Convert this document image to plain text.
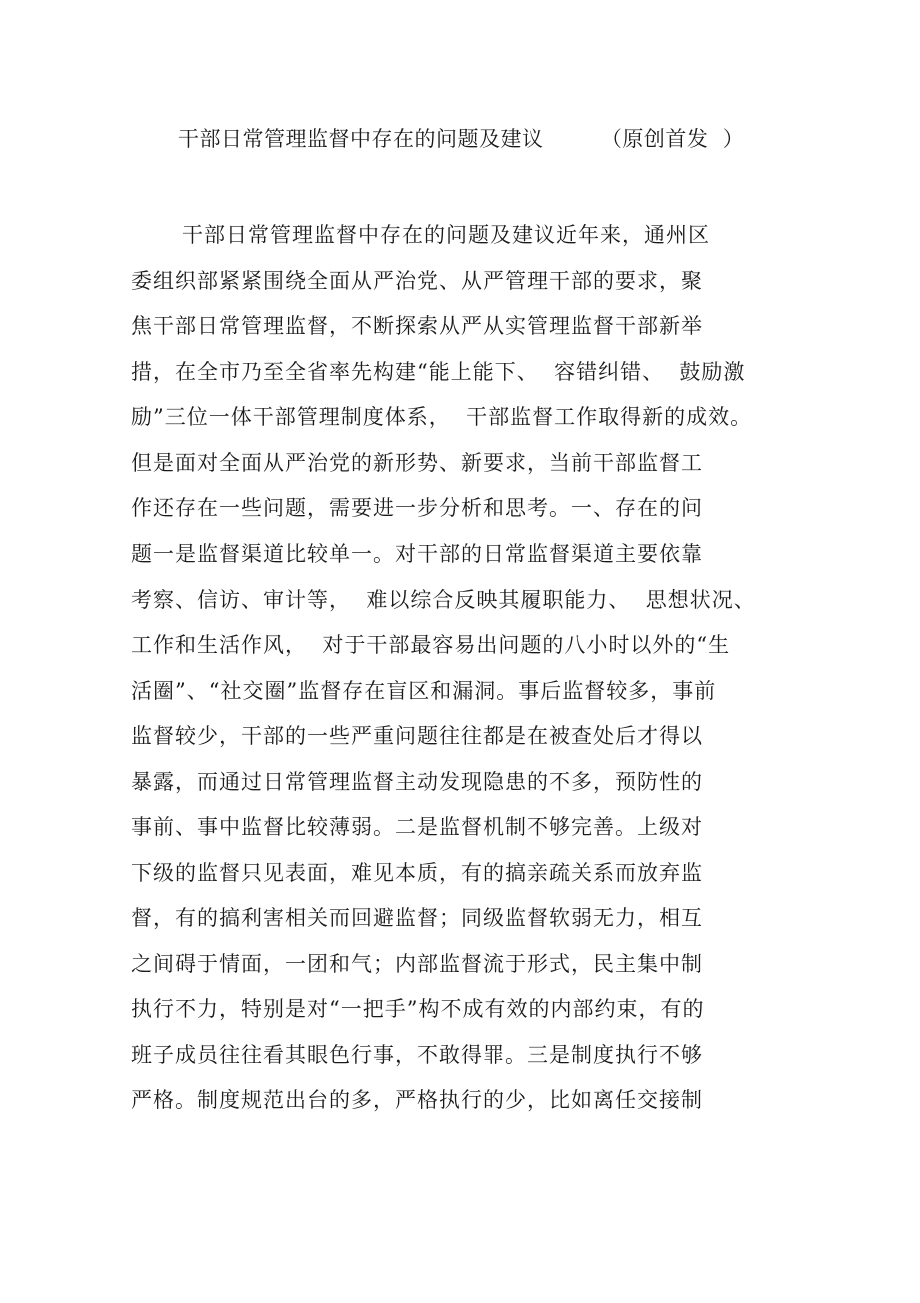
干部日常管理监督中存在的问题及建议        （原创首发  ）
干部日常管理监督中存在的问题及建议近年来，通州区
委组织部紧紧围绕全面从严治党、从严管理干部的要求，聚
焦干部日常管理监督，不断探索从严从实管理监督干部新举
措，在全市乃至全省率先构建“能上能下、  容错纠错、  鼓励激
励”三位一体干部管理制度体系，  干部监督工作取得新的成效。
但是面对全面从严治党的新形势、新要求，当前干部监督工
作还存在一些问题，需要进一步分析和思考。一、存在的问
题一是监督渠道比较单一。对干部的日常监督渠道主要依靠
考察、信访、审计等，  难以综合反映其履职能力、  思想状况、
工作和生活作风，  对于干部最容易出问题的八小时以外的“生
活圈”、“社交圈”监督存在盲区和漏洞。事后监督较多，事前
监督较少，干部的一些严重问题往往都是在被查处后才得以
暴露，而通过日常管理监督主动发现隐患的不多，预防性的
事前、事中监督比较薄弱。二是监督机制不够完善。上级对
下级的监督只见表面，难见本质，有的搞亲疏关系而放弃监
督，有的搞利害相关而回避监督；同级监督软弱无力，相互
之间碍于情面，一团和气；内部监督流于形式，民主集中制
执行不力，特别是对“一把手”构不成有效的内部约束，有的
班子成员往往看其眼色行事，不敢得罪。三是制度执行不够
严格。制度规范出台的多，严格执行的少，比如离任交接制
